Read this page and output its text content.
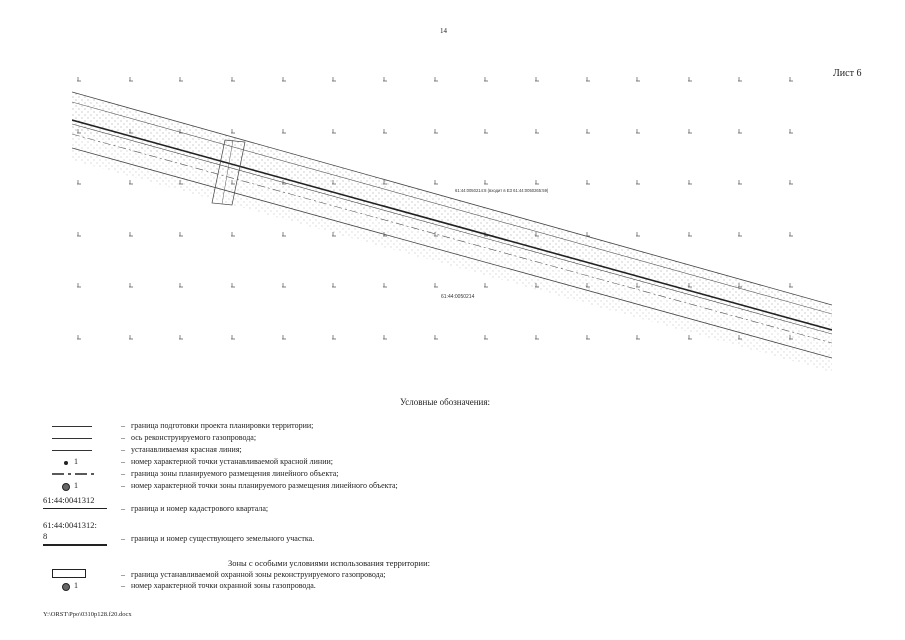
14
Лист 6
61:44:0050214:8 (входит в ЕЗ 61:44:0050265:59)
61:44:0050214
Условные обозначения:
– граница подготовки проекта планировки территории;
– ось реконструируемого газопровода;
– устанавливаемая красная линия;
1	– номер характерной точки устанавливаемой красной линии;
– граница зоны планируемого размещения линейного объекта;
1	– номер характерной точки зоны планируемого размещения линейного объекта;
61:44:0041312
– граница и номер кадастрового квартала;
61:44:0041312:
8	– граница и номер существующего земельного участка.
Зоны с особыми условиями использования территории:
– граница устанавливаемой охранной зоны реконструируемого газопровода;
1	– номер характерной точки охранной зоны газопровода.
Y:\ORST\Ppo\0310p128.f20.docx
